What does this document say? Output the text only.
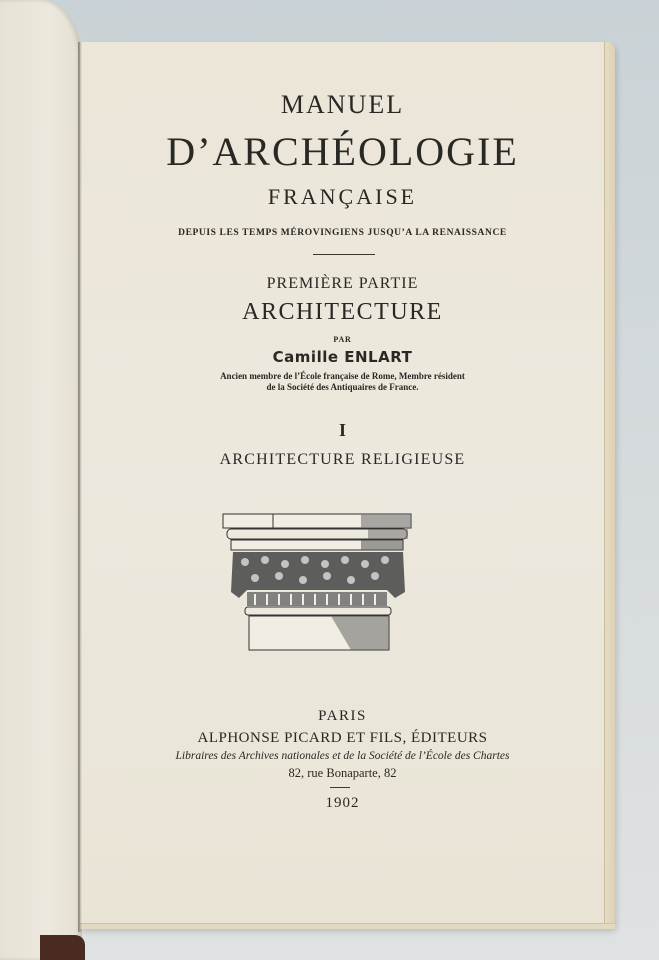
MANUEL
D’ARCHÉOLOGIE
FRANÇAISE
DEPUIS LES TEMPS MÉROVINGIENS JUSQU’A LA RENAISSANCE
PREMIÈRE PARTIE
ARCHITECTURE
PAR
Camille ENLART
Ancien membre de l’École française de Rome, Membre résident
de la Société des Antiquaires de France.
I
ARCHITECTURE RELIGIEUSE
PARIS
ALPHONSE PICARD ET FILS, ÉDITEURS
Libraires des Archives nationales et de la Société de l’École des Chartes
82, rue Bonaparte, 82
1902
